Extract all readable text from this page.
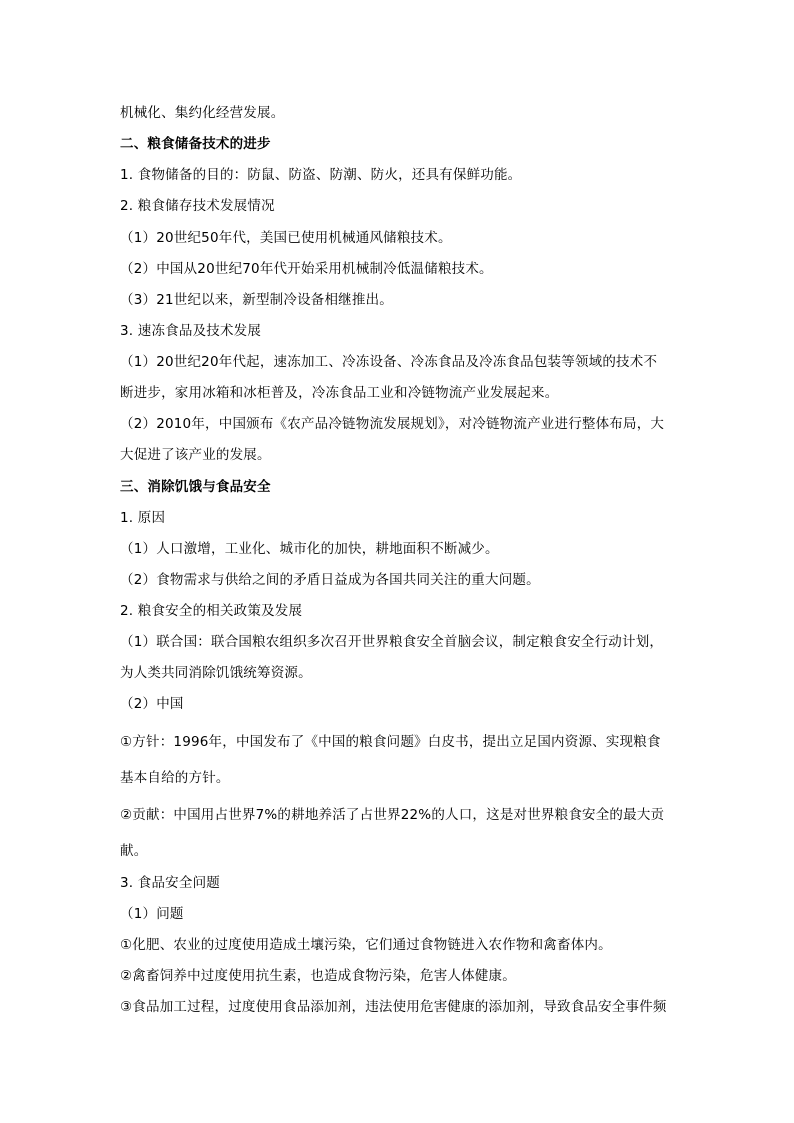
机械化、集约化经营发展。
二、粮食储备技术的进步
1. 食物储备的目的：防鼠、防盗、防潮、防火，还具有保鲜功能。
2. 粮食储存技术发展情况
（1）20世纪50年代，美国已使用机械通风储粮技术。
（2）中国从20世纪70年代开始采用机械制冷低温储粮技术。
（3）21世纪以来，新型制冷设备相继推出。
3. 速冻食品及技术发展
（1）20世纪20年代起，速冻加工、冷冻设备、冷冻食品及冷冻食品包装等领域的技术不
断进步，家用冰箱和冰柜普及，冷冻食品工业和冷链物流产业发展起来。
（2）2010年，中国颁布《农产品冷链物流发展规划》，对冷链物流产业进行整体布局，大
大促进了该产业的发展。
三、消除饥饿与食品安全
1. 原因
（1）人口激增，工业化、城市化的加快，耕地面积不断减少。
（2）食物需求与供给之间的矛盾日益成为各国共同关注的重大问题。
2. 粮食安全的相关政策及发展
（1）联合国：联合国粮农组织多次召开世界粮食安全首脑会议，制定粮食安全行动计划，
为人类共同消除饥饿统筹资源。
（2）中国
①方针：1996年，中国发布了《中国的粮食问题》白皮书，提出立足国内资源、实现粮食
基本自给的方针。
②贡献：中国用占世界7%的耕地养活了占世界22%的人口，这是对世界粮食安全的最大贡
献。
3. 食品安全问题
（1）问题
①化肥、农业的过度使用造成土壤污染，它们通过食物链进入农作物和禽畜体内。
②禽畜饲养中过度使用抗生素，也造成食物污染，危害人体健康。
③食品加工过程，过度使用食品添加剂，违法使用危害健康的添加剂，导致食品安全事件频
